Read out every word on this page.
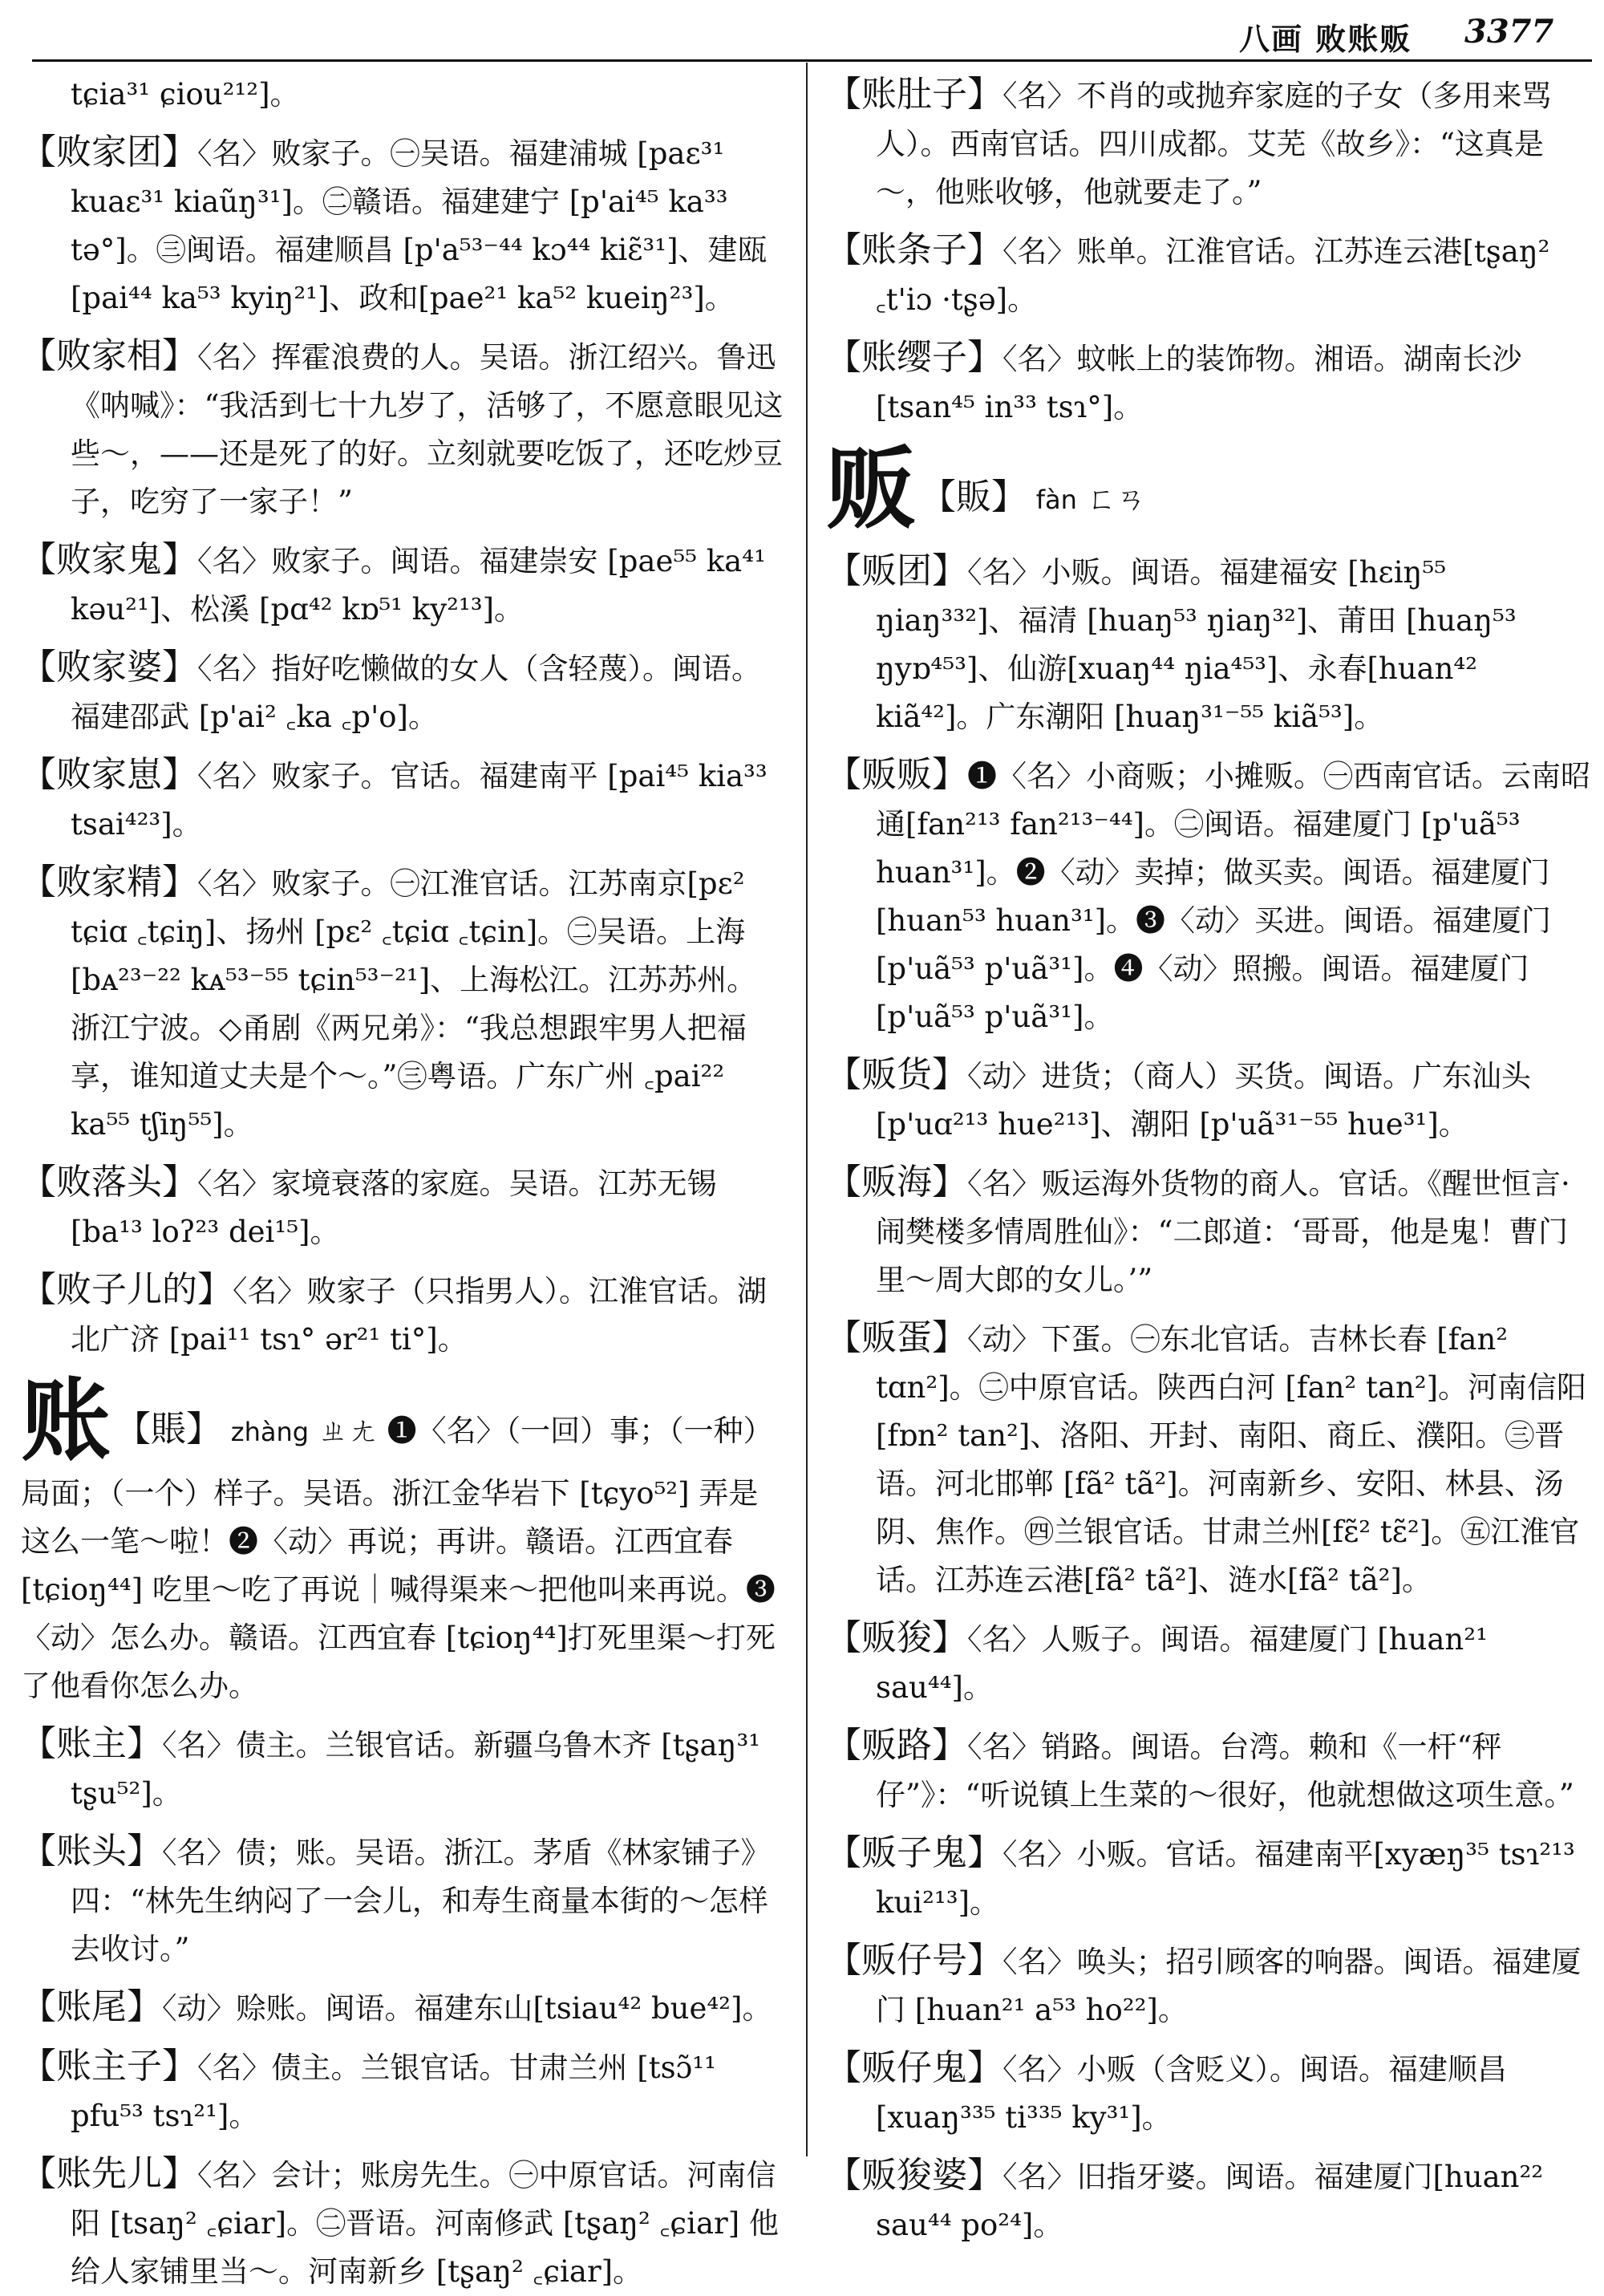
八画 败账贩 3377
tɕia³¹ ɕiou²¹²]。
【败家团】〈名〉败家子。㊀吴语。福建浦城 [paɛ³¹ kuaɛ³¹ kiaũŋ³¹]。㊁赣语。福建建宁 [p'ai⁴⁵ ka³³ tə°]。㊂闽语。福建顺昌 [p'a⁵³⁻⁴⁴ kɔ⁴⁴ kiɛ̃³¹]、建瓯 [pai⁴⁴ ka⁵³ kyiŋ²¹]、政和[pae²¹ ka⁵² kueiŋ²³]。
【败家相】〈名〉挥霍浪费的人。吴语。浙江绍兴。鲁迅《呐喊》：“我活到七十九岁了，活够了，不愿意眼见这些～，——还是死了的好。立刻就要吃饭了，还吃炒豆子，吃穷了一家子！”
【败家鬼】〈名〉败家子。闽语。福建崇安 [pae⁵⁵ ka⁴¹ kəu²¹]、松溪 [pɑ⁴² kɒ⁵¹ ky²¹³]。
【败家婆】〈名〉指好吃懒做的女人（含轻蔑）。闽语。福建邵武 [p'ai² ꜀ka ꜀p'o]。
【败家崽】〈名〉败家子。官话。福建南平 [pai⁴⁵ kia³³ tsai⁴²³]。
【败家精】〈名〉败家子。㊀江淮官话。江苏南京[pɛ² tɕiɑ ꜀tɕiŋ]、扬州 [pɛ² ꜀tɕiɑ ꜀tɕin]。㊁吴语。上海 [bᴀ²³⁻²² kᴀ⁵³⁻⁵⁵ tɕin⁵³⁻²¹]、上海松江。江苏苏州。浙江宁波。◇甬剧《两兄弟》：“我总想跟牢男人把福享，谁知道丈夫是个～。”㊂粤语。广东广州 ꜀pai²² ka⁵⁵ tʃiŋ⁵⁵]。
【败落头】〈名〉家境衰落的家庭。吴语。江苏无锡 [ba¹³ loʔ²³ dei¹⁵]。
【败子儿的】〈名〉败家子（只指男人）。江淮官话。湖北广济 [pai¹¹ tsɿ° ər²¹ ti°]。
账 【賬】 zhàng ㄓㄤ ❶〈名〉（一回）事；（一种）局面；（一个）样子。吴语。浙江金华岩下 [tɕyo⁵²] 弄是这么一笔～啦！❷〈动〉再说；再讲。赣语。江西宜春 [tɕioŋ⁴⁴] 吃里～吃了再说｜喊得渠来～把他叫来再说。❸〈动〉怎么办。赣语。江西宜春 [tɕioŋ⁴⁴]打死里渠～打死了他看你怎么办。
【账主】〈名〉债主。兰银官话。新疆乌鲁木齐 [tʂaŋ³¹ tʂu⁵²]。
【账头】〈名〉债；账。吴语。浙江。茅盾《林家铺子》四：“林先生纳闷了一会儿，和寿生商量本街的～怎样去收讨。”
【账尾】〈动〉赊账。闽语。福建东山[tsiau⁴² bue⁴²]。
【账主子】〈名〉债主。兰银官话。甘肃兰州 [tsɔ̃¹¹ pfu⁵³ tsɿ²¹]。
【账先儿】〈名〉会计；账房先生。㊀中原官话。河南信阳 [tsaŋ² ꜀ɕiar]。㊁晋语。河南修武 [tʂaŋ² ꜀ɕiar] 他给人家铺里当～。河南新乡 [tʂaŋ² ꜀ɕiar]。
【账肚子】〈名〉不肖的或抛弃家庭的子女（多用来骂人）。西南官话。四川成都。艾芜《故乡》：“这真是～，他账收够，他就要走了。”
【账条子】〈名〉账单。江淮官话。江苏连云港[tʂaŋ² ꜀t'iɔ ·tʂə]。
【账缨子】〈名〉蚊帐上的装饰物。湘语。湖南长沙 [tsan⁴⁵ in³³ tsɿ°]。
贩 【販】 fàn ㄈㄢ
【贩团】〈名〉小贩。闽语。福建福安 [hɛiŋ⁵⁵ ŋiaŋ³³²]、福清 [huaŋ⁵³ ŋiaŋ³²]、莆田 [huaŋ⁵³ ŋyɒ⁴⁵³]、仙游[xuaŋ⁴⁴ ŋia⁴⁵³]、永春[huan⁴² kiã⁴²]。广东潮阳 [huaŋ³¹⁻⁵⁵ kiã⁵³]。
【贩贩】❶〈名〉小商贩；小摊贩。㊀西南官话。云南昭通[fan²¹³ fan²¹³⁻⁴⁴]。㊁闽语。福建厦门 [p'uã⁵³ huan³¹]。❷〈动〉卖掉；做买卖。闽语。福建厦门 [huan⁵³ huan³¹]。❸〈动〉买进。闽语。福建厦门 [p'uã⁵³ p'uã³¹]。❹〈动〉照搬。闽语。福建厦门 [p'uã⁵³ p'uã³¹]。
【贩货】〈动〉进货；（商人）买货。闽语。广东汕头 [p'uɑ²¹³ hue²¹³]、潮阳 [p'uã³¹⁻⁵⁵ hue³¹]。
【贩海】〈名〉贩运海外货物的商人。官话。《醒世恒言·闹樊楼多情周胜仙》：“二郎道：‘哥哥，他是鬼！曹门里～周大郎的女儿。’”
【贩蛋】〈动〉下蛋。㊀东北官话。吉林长春 [fan² tɑn²]。㊁中原官话。陕西白河 [fan² tan²]。河南信阳[fɒn² tan²]、洛阳、开封、南阳、商丘、濮阳。㊂晋语。河北邯郸 [fã² tã²]。河南新乡、安阳、林县、汤阴、焦作。㊃兰银官话。甘肃兰州[fɛ̃² tɛ̃²]。㊄江淮官话。江苏连云港[fã² tã²]、涟水[fã² tã²]。
【贩狻】〈名〉人贩子。闽语。福建厦门 [huan²¹ sau⁴⁴]。
【贩路】〈名〉销路。闽语。台湾。赖和《一杆“秤仔”》：“听说镇上生菜的～很好，他就想做这项生意。”
【贩子鬼】〈名〉小贩。官话。福建南平[xyæŋ³⁵ tsɿ²¹³ kui²¹³]。
【贩仔号】〈名〉唤头；招引顾客的响器。闽语。福建厦门 [huan²¹ a⁵³ ho²²]。
【贩仔鬼】〈名〉小贩（含贬义）。闽语。福建顺昌 [xuaŋ³³⁵ ti³³⁵ ky³¹]。
【贩狻婆】〈名〉旧指牙婆。闽语。福建厦门[huan²² sau⁴⁴ po²⁴]。
